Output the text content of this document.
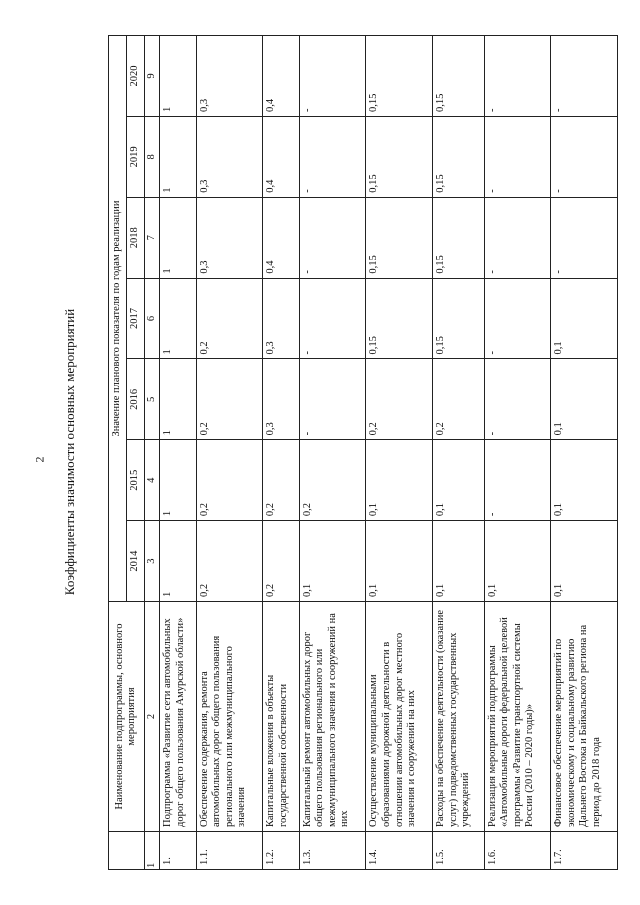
2 Коэффициенты значимости основных мероприятий
	Наименование подпрограммы, основного мероприятия	Значение планового показателя по годам реализации						
		2014	2015	2016	2017	2018	2019	2020
1	2	3	4	5	6	7	8	9
1.	Подпрограмма «Развитие сети автомобильных дорог общего пользования Амурской области»	1	1	1	1	1	1	1
1.1.	Обеспечение содержания, ремонта автомобильных дорог общего пользования регионального или межмуниципального значения	0,2	0,2	0,2	0,2	0,3	0,3	0,3
1.2.	Капитальные вложения в объекты государственной собственности	0,2	0,2	0,3	0,3	0,4	0,4	0,4
1.3.	Капитальный ремонт автомобильных дорог общего пользования регионального или межмуниципального значения и сооружений на них	0,1	0,2	-	-	-	-	-
1.4.	Осуществление муниципальными образованиями дорожной деятельности в отношении автомобильных дорог местного значения и сооружений на них	0,1	0,1	0,2	0,15	0,15	0,15	0,15
1.5.	Расходы на обеспечение деятельности (оказание услуг) подведомственных государственных учреждений	0,1	0,1	0,2	0,15	0,15	0,15	0,15
1.6.	Реализация мероприятий подпрограммы «Автомобильные дороги федеральной целевой программы «Развитие транспортной системы России (2010 – 2020 годы)»	0,1	-	-	-	-	-	-
1.7.	Финансовое обеспечение мероприятий по экономическому и социальному развитию Дальнего Востока и Байкальского региона на период до 2018 года	0,1	0,1	0,1	0,1	-	-	-
